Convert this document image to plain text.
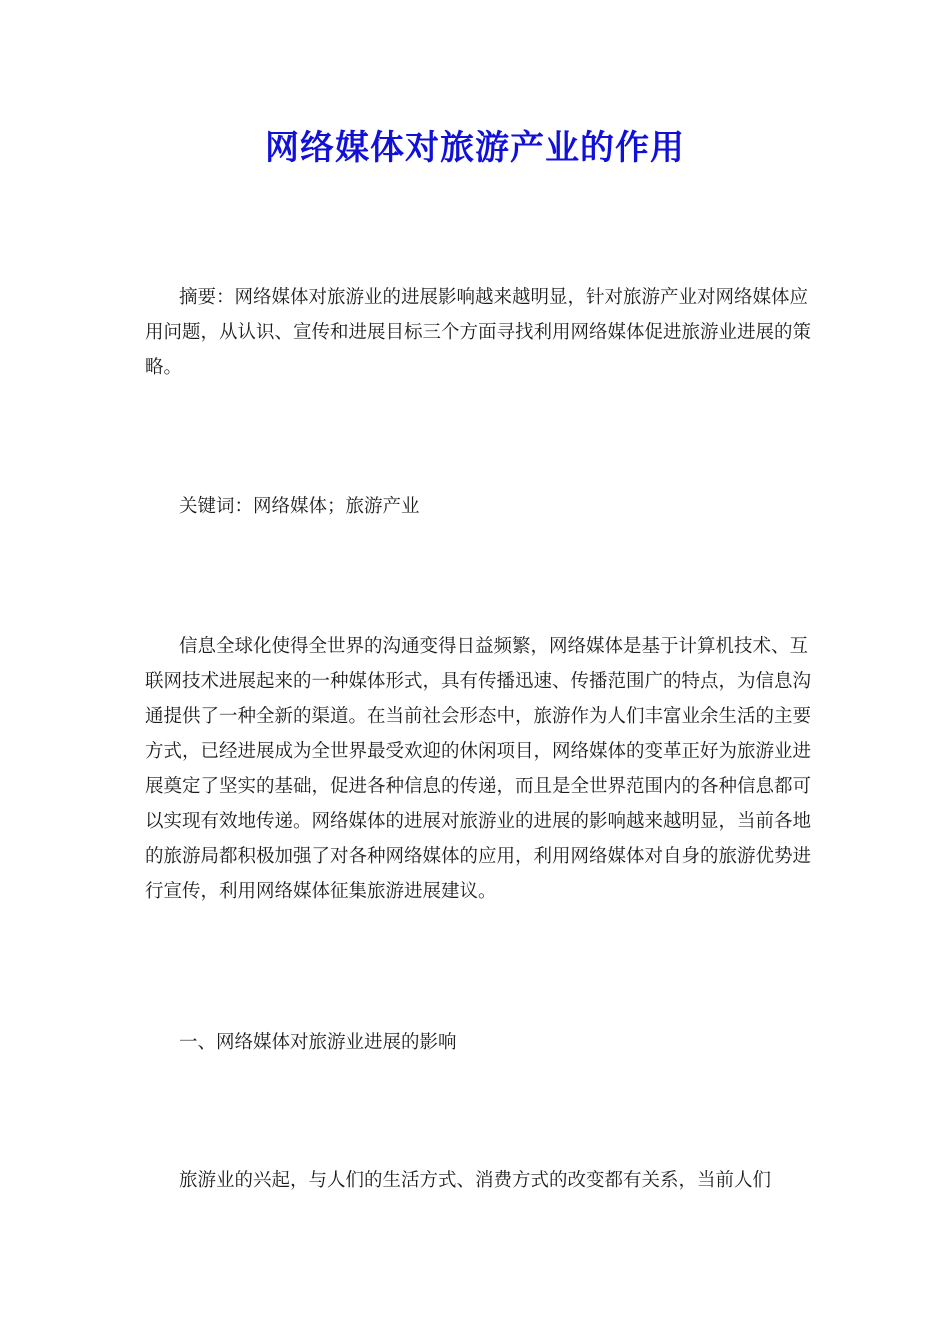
网络媒体对旅游产业的作用

摘要：网络媒体对旅游业的进展影响越来越明显，针对旅游产业对网络媒体应用问题，从认识、宣传和进展目标三个方面寻找利用网络媒体促进旅游业进展的策略。

关键词：网络媒体；旅游产业

信息全球化使得全世界的沟通变得日益频繁，网络媒体是基于计算机技术、互联网技术进展起来的一种媒体形式，具有传播迅速、传播范围广的特点，为信息沟通提供了一种全新的渠道。在当前社会形态中，旅游作为人们丰富业余生活的主要方式，已经进展成为全世界最受欢迎的休闲项目，网络媒体的变革正好为旅游业进展奠定了坚实的基础，促进各种信息的传递，而且是全世界范围内的各种信息都可以实现有效地传递。网络媒体的进展对旅游业的进展的影响越来越明显，当前各地的旅游局都积极加强了对各种网络媒体的应用，利用网络媒体对自身的旅游优势进行宣传，利用网络媒体征集旅游进展建议。

一、网络媒体对旅游业进展的影响

旅游业的兴起，与人们的生活方式、消费方式的改变都有关系，当前人们
